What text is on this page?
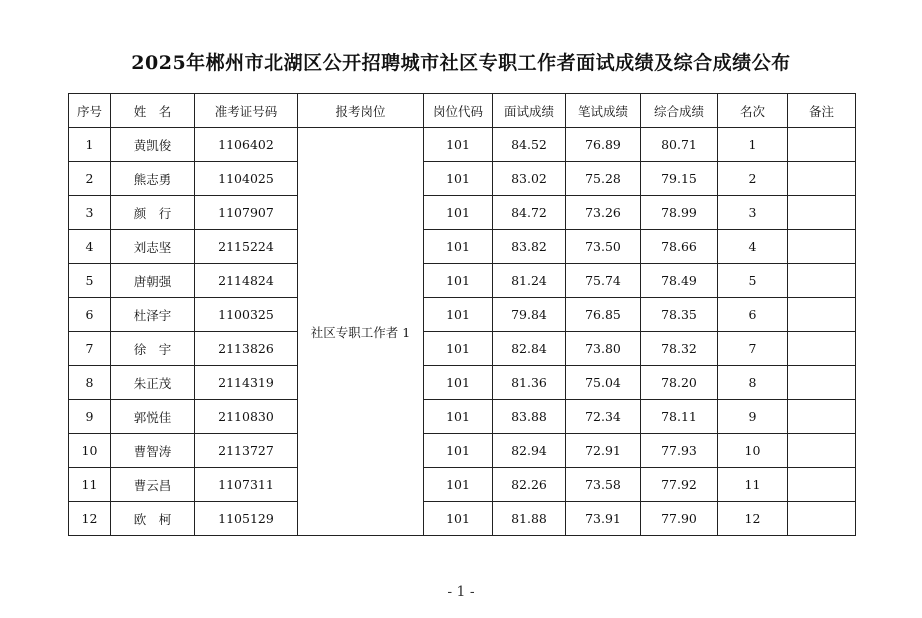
2025年郴州市北湖区公开招聘城市社区专职工作者面试成绩及综合成绩公布
序号	姓　名	准考证号码	报考岗位	岗位代码	面试成绩	笔试成绩	综合成绩	名次	备注
1	黄凯俊	1106402	社区专职工作者 1	101	84.52	76.89	80.71	1	
2	熊志勇	1104025		101	83.02	75.28	79.15	2	
3	颜　行	1107907		101	84.72	73.26	78.99	3	
4	刘志坚	2115224		101	83.82	73.50	78.66	4	
5	唐朝强	2114824		101	81.24	75.74	78.49	5	
6	杜泽宇	1100325		101	79.84	76.85	78.35	6	
7	徐　宇	2113826		101	82.84	73.80	78.32	7	
8	朱正茂	2114319		101	81.36	75.04	78.20	8	
9	郭悦佳	2110830		101	83.88	72.34	78.11	9	
10	曹智涛	2113727		101	82.94	72.91	77.93	10	
11	曹云昌	1107311		101	82.26	73.58	77.92	11	
12	欧　柯	1105129		101	81.88	73.91	77.90	12	
- 1 -
